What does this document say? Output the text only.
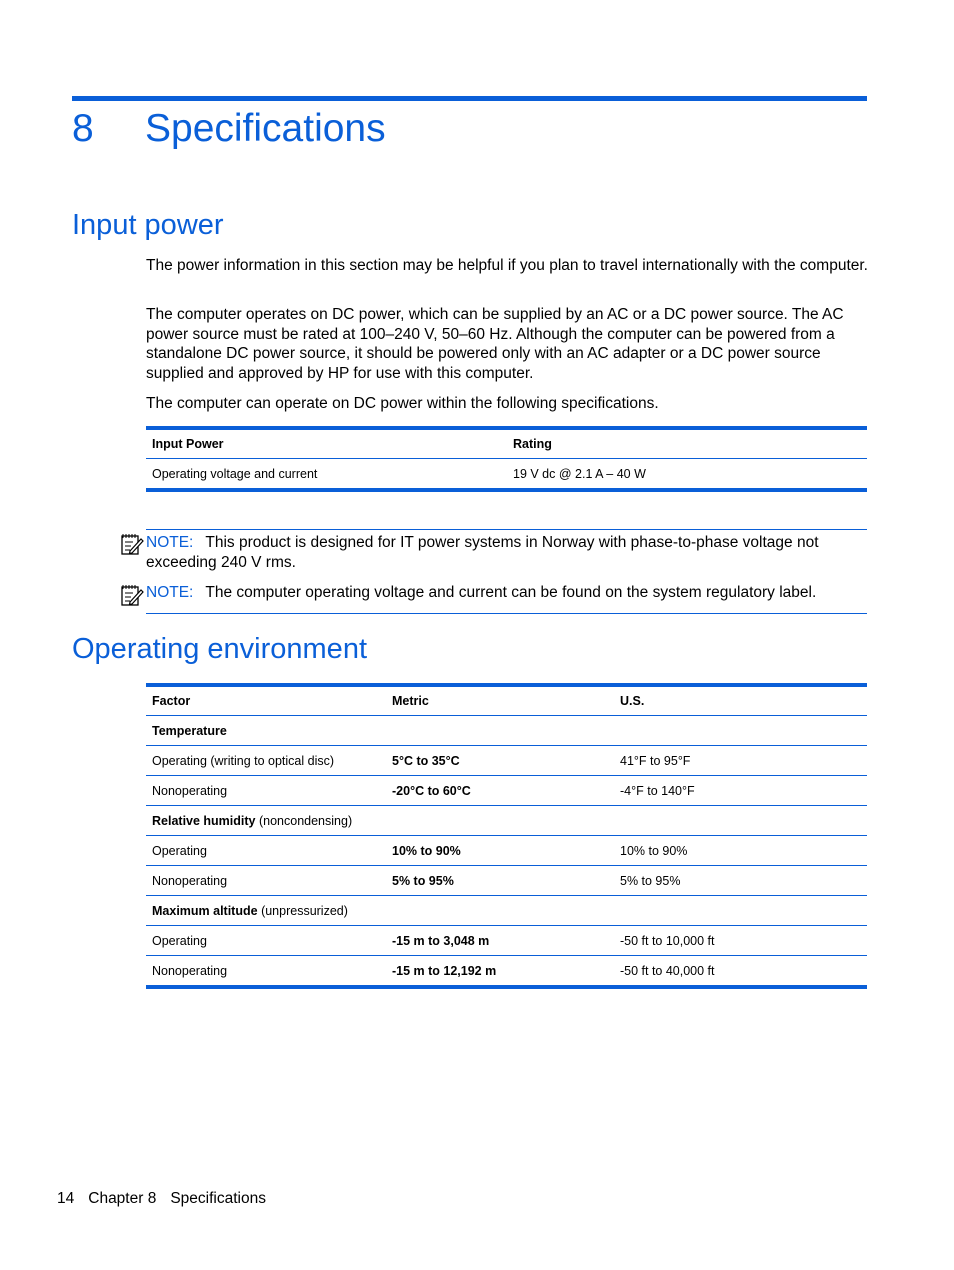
8 Specifications
Input power
The power information in this section may be helpful if you plan to travel internationally with the computer.
The computer operates on DC power, which can be supplied by an AC or a DC power source. The AC power source must be rated at 100–240 V, 50–60 Hz. Although the computer can be powered from a standalone DC power source, it should be powered only with an AC adapter or a DC power source supplied and approved by HP for use with this computer.
The computer can operate on DC power within the following specifications.
Input Power	Rating
Operating voltage and current	19 V dc @ 2.1 A – 40 W
NOTE: This product is designed for IT power systems in Norway with phase-to-phase voltage not exceeding 240 V rms.
NOTE: The computer operating voltage and current can be found on the system regulatory label.
Operating environment
Factor	Metric	U.S.
Temperature		
Operating (writing to optical disc)	5°C to 35°C	41°F to 95°F
Nonoperating	-20°C to 60°C	-4°F to 140°F
Relative humidity (noncondensing)		
Operating	10% to 90%	10% to 90%
Nonoperating	5% to 95%	5% to 95%
Maximum altitude (unpressurized)		
Operating	-15 m to 3,048 m	-50 ft to 10,000 ft
Nonoperating	-15 m to 12,192 m	-50 ft to 40,000 ft
14 Chapter 8 Specifications
